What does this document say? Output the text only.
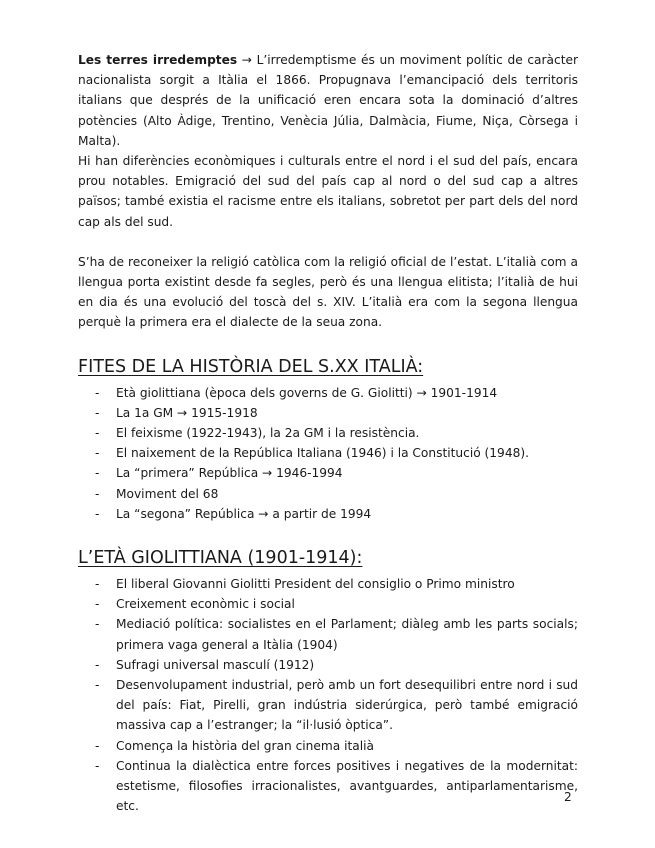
Les terres irredemptes → L’irredemptisme és un moviment polític de caràcter nacionalista sorgit a Itàlia el 1866. Propugnava l’emancipació dels territoris italians que després de la unificació eren encara sota la dominació d’altres potències (Alto Àdige, Trentino, Venècia Júlia, Dalmàcia, Fiume, Niça, Còrsega i Malta).

Hi han diferències econòmiques i culturals entre el nord i el sud del país, encara prou notables. Emigració del sud del país cap al nord o del sud cap a altres països; també existia el racisme entre els italians, sobretot per part dels del nord cap als del sud.

S’ha de reconeixer la religió catòlica com la religió oficial de l’estat. L’italià com a llengua porta existint desde fa segles, però és una llengua elitista; l’italià de hui en dia és una evolució del toscà del s. XIV. L’italià era com la segona llengua perquè la primera era el dialecte de la seua zona.

FITES DE LA HISTÒRIA DEL S.XX ITALIÀ:
- Età giolittiana (època dels governs de G. Giolitti) → 1901-1914
- La 1a GM → 1915-1918
- El feixisme (1922-1943), la 2a GM i la resistència.
- El naixement de la República Italiana (1946) i la Constitució (1948).
- La “primera” República → 1946-1994
- Moviment del 68
- La “segona” República → a partir de 1994
L’ETÀ GIOLITTIANA (1901-1914):
- El liberal Giovanni Giolitti President del consiglio o Primo ministro
- Creixement econòmic i social
- Mediació política: socialistes en el Parlament; diàleg amb les parts socials; primera vaga general a Itàlia (1904)
- Sufragi universal masculí (1912)
- Desenvolupament industrial, però amb un fort desequilibri entre nord i sud del país: Fiat, Pirelli, gran indústria siderúrgica, però també emigració massiva cap a l’estranger; la “il·lusió òptica”.
- Comença la història del gran cinema italià
- Continua la dialèctica entre forces positives i negatives de la modernitat: estetisme, filosofies irracionalistes, avantguardes, antiparlamentarisme, etc.
2
